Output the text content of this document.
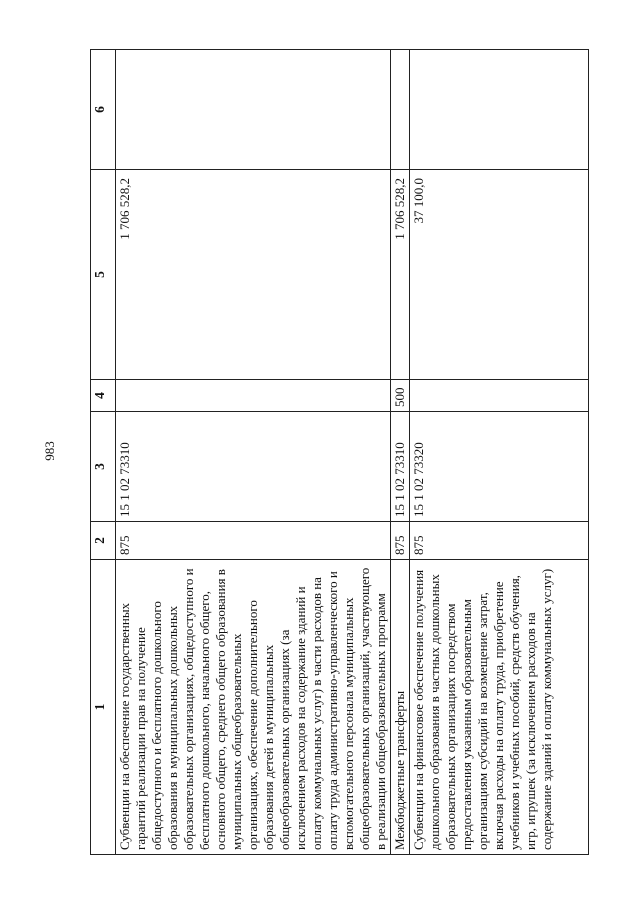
983
1	2	3	4	5	6
Субвенции на обеспечение государственных гарантий реализации прав на получение общедоступного и бесплатного дошкольного образования в муниципальных дошкольных образовательных организациях, общедоступного и бесплатного дошкольного, начального общего, основного общего, среднего общего образования в муниципальных общеобразовательных организациях, обеспечение дополнительного образования детей в муниципальных общеобразовательных организациях (за исключением расходов на содержание зданий и оплату коммунальных услуг) в части расходов на оплату труда административно-управленческого и вспомогательного персонала муниципальных общеобразовательных организаций, участвующего в реализации общеобразовательных программ	875	15 1 02 73310		1 706 528,2	
Межбюджетные трансферты	875	15 1 02 73310	500	1 706 528,2	
Субвенции на финансовое обеспечение получения дошкольного образования в частных дошкольных образовательных организациях посредством предоставления указанным образовательным организациям субсидий на возмещение затрат, включая расходы на оплату труда, приобретение учебников и учебных пособий, средств обучения, игр, игрушек (за исключением расходов на содержание зданий и оплату коммунальных услуг)	875	15 1 02 73320		37 100,0	
